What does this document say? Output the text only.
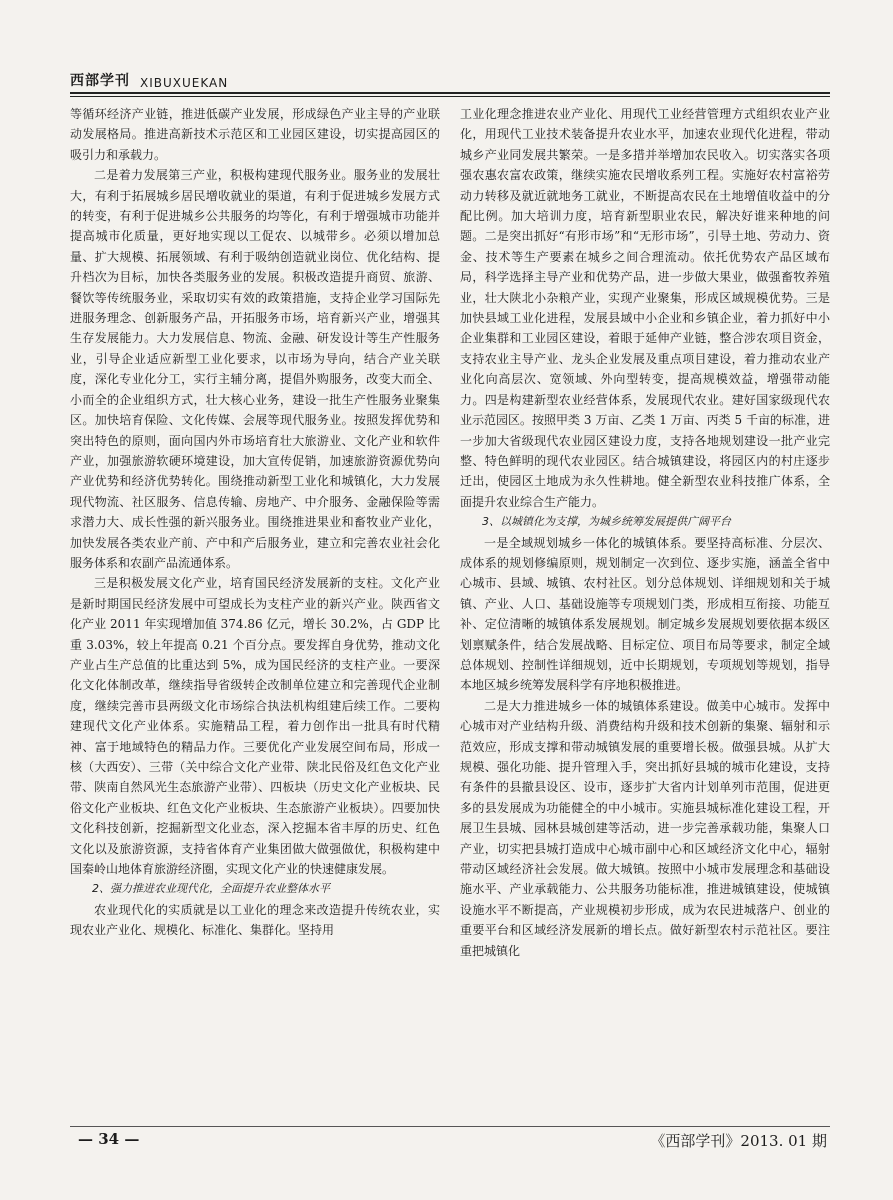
西部学刊 XIBUXUEKAN

等循环经济产业链，推进低碳产业发展，形成绿色产业主导的产业联动发展格局。推进高新技术示范区和工业园区建设，切实提高园区的吸引力和承载力。

二是着力发展第三产业，积极构建现代服务业。服务业的发展壮大，有利于拓展城乡居民增收就业的渠道，有利于促进城乡发展方式的转变，有利于促进城乡公共服务的均等化，有利于增强城市功能并提高城市化质量，更好地实现以工促农、以城带乡。必须以增加总量、扩大规模、拓展领域、有利于吸纳创造就业岗位、优化结构、提升档次为目标，加快各类服务业的发展。积极改造提升商贸、旅游、餐饮等传统服务业，采取切实有效的政策措施，支持企业学习国际先进服务理念、创新服务产品，开拓服务市场，培育新兴产业，增强其生存发展能力。大力发展信息、物流、金融、研发设计等生产性服务业，引导企业适应新型工业化要求，以市场为导向，结合产业关联度，深化专业化分工，实行主辅分离，提倡外购服务，改变大而全、小而全的企业组织方式，壮大核心业务，建设一批生产性服务业聚集区。加快培育保险、文化传媒、会展等现代服务业。按照发挥优势和突出特色的原则，面向国内外市场培育壮大旅游业、文化产业和软件产业，加强旅游软硬环境建设，加大宣传促销，加速旅游资源优势向产业优势和经济优势转化。围绕推动新型工业化和城镇化，大力发展现代物流、社区服务、信息传输、房地产、中介服务、金融保险等需求潜力大、成长性强的新兴服务业。围绕推进果业和畜牧业产业化，加快发展各类农业产前、产中和产后服务业，建立和完善农业社会化服务体系和农副产品流通体系。

三是积极发展文化产业，培育国民经济发展新的支柱。文化产业是新时期国民经济发展中可望成长为支柱产业的新兴产业。陕西省文化产业 2011 年实现增加值 374.86 亿元，增长 30.2%，占 GDP 比重 3.03%，较上年提高 0.21 个百分点。要发挥自身优势，推动文化产业占生产总值的比重达到 5%，成为国民经济的支柱产业。一要深化文化体制改革，继续指导省级转企改制单位建立和完善现代企业制度，继续完善市县两级文化市场综合执法机构组建后续工作。二要构建现代文化产业体系。实施精品工程，着力创作出一批具有时代精神、富于地域特色的精品力作。三要优化产业发展空间布局，形成一核（大西安）、三带（关中综合文化产业带、陕北民俗及红色文化产业带、陕南自然风光生态旅游产业带）、四板块（历史文化产业板块、民俗文化产业板块、红色文化产业板块、生态旅游产业板块）。四要加快文化科技创新，挖掘新型文化业态，深入挖掘本省丰厚的历史、红色文化以及旅游资源，支持省体育产业集团做大做强做优，积极构建中国秦岭山地体育旅游经济圈，实现文化产业的快速健康发展。

2、强力推进农业现代化，全面提升农业整体水平

农业现代化的实质就是以工业化的理念来改造提升传统农业，实现农业产业化、规模化、标准化、集群化。坚持用

工业化理念推进农业产业化、用现代工业经营管理方式组织农业产业化，用现代工业技术装备提升农业水平，加速农业现代化进程，带动城乡产业同发展共繁荣。一是多措并举增加农民收入。切实落实各项强农惠农富农政策，继续实施农民增收系列工程。实施好农村富裕劳动力转移及就近就地务工就业，不断提高农民在土地增值收益中的分配比例。加大培训力度，培育新型职业农民，解决好谁来种地的问题。二是突出抓好“有形市场”和“无形市场”，引导土地、劳动力、资金、技术等生产要素在城乡之间合理流动。依托优势农产品区域布局，科学选择主导产业和优势产品，进一步做大果业，做强畜牧养殖业，壮大陕北小杂粮产业，实现产业聚集，形成区域规模优势。三是加快县域工业化进程，发展县域中小企业和乡镇企业，着力抓好中小企业集群和工业园区建设，着眼于延伸产业链，整合涉农项目资金，支持农业主导产业、龙头企业发展及重点项目建设，着力推动农业产业化向高层次、宽领域、外向型转变，提高规模效益，增强带动能力。四是构建新型农业经营体系，发展现代农业。建好国家级现代农业示范园区。按照甲类 3 万亩、乙类 1 万亩、丙类 5 千亩的标准，进一步加大省级现代农业园区建设力度，支持各地规划建设一批产业完整、特色鲜明的现代农业园区。结合城镇建设，将园区内的村庄逐步迁出，使园区土地成为永久性耕地。健全新型农业科技推广体系，全面提升农业综合生产能力。

3、以城镇化为支撑，为城乡统筹发展提供广阔平台

一是全域规划城乡一体化的城镇体系。要坚持高标准、分层次、成体系的规划修编原则，规划制定一次到位、逐步实施，涵盖全省中心城市、县域、城镇、农村社区。划分总体规划、详细规划和关于城镇、产业、人口、基础设施等专项规划门类，形成相互衔接、功能互补、定位清晰的城镇体系发展规划。制定城乡发展规划要依据本级区划禀赋条件，结合发展战略、目标定位、项目布局等要求，制定全域总体规划、控制性详细规划，近中长期规划，专项规划等规划，指导本地区城乡统筹发展科学有序地积极推进。

二是大力推进城乡一体的城镇体系建设。做美中心城市。发挥中心城市对产业结构升级、消费结构升级和技术创新的集聚、辐射和示范效应，形成支撑和带动城镇发展的重要增长极。做强县城。从扩大规模、强化功能、提升管理入手，突出抓好县城的城市化建设，支持有条件的县撤县设区、设市，逐步扩大省内计划单列市范围，促进更多的县发展成为功能健全的中小城市。实施县城标准化建设工程，开展卫生县城、园林县城创建等活动，进一步完善承载功能，集聚人口产业，切实把县城打造成中心城市副中心和区域经济文化中心，辐射带动区域经济社会发展。做大城镇。按照中小城市发展理念和基础设施水平、产业承载能力、公共服务功能标准，推进城镇建设，使城镇设施水平不断提高，产业规模初步形成，成为农民进城落户、创业的重要平台和区域经济发展新的增长点。做好新型农村示范社区。要注重把城镇化

— 34 —	《西部学刊》2013. 01 期
